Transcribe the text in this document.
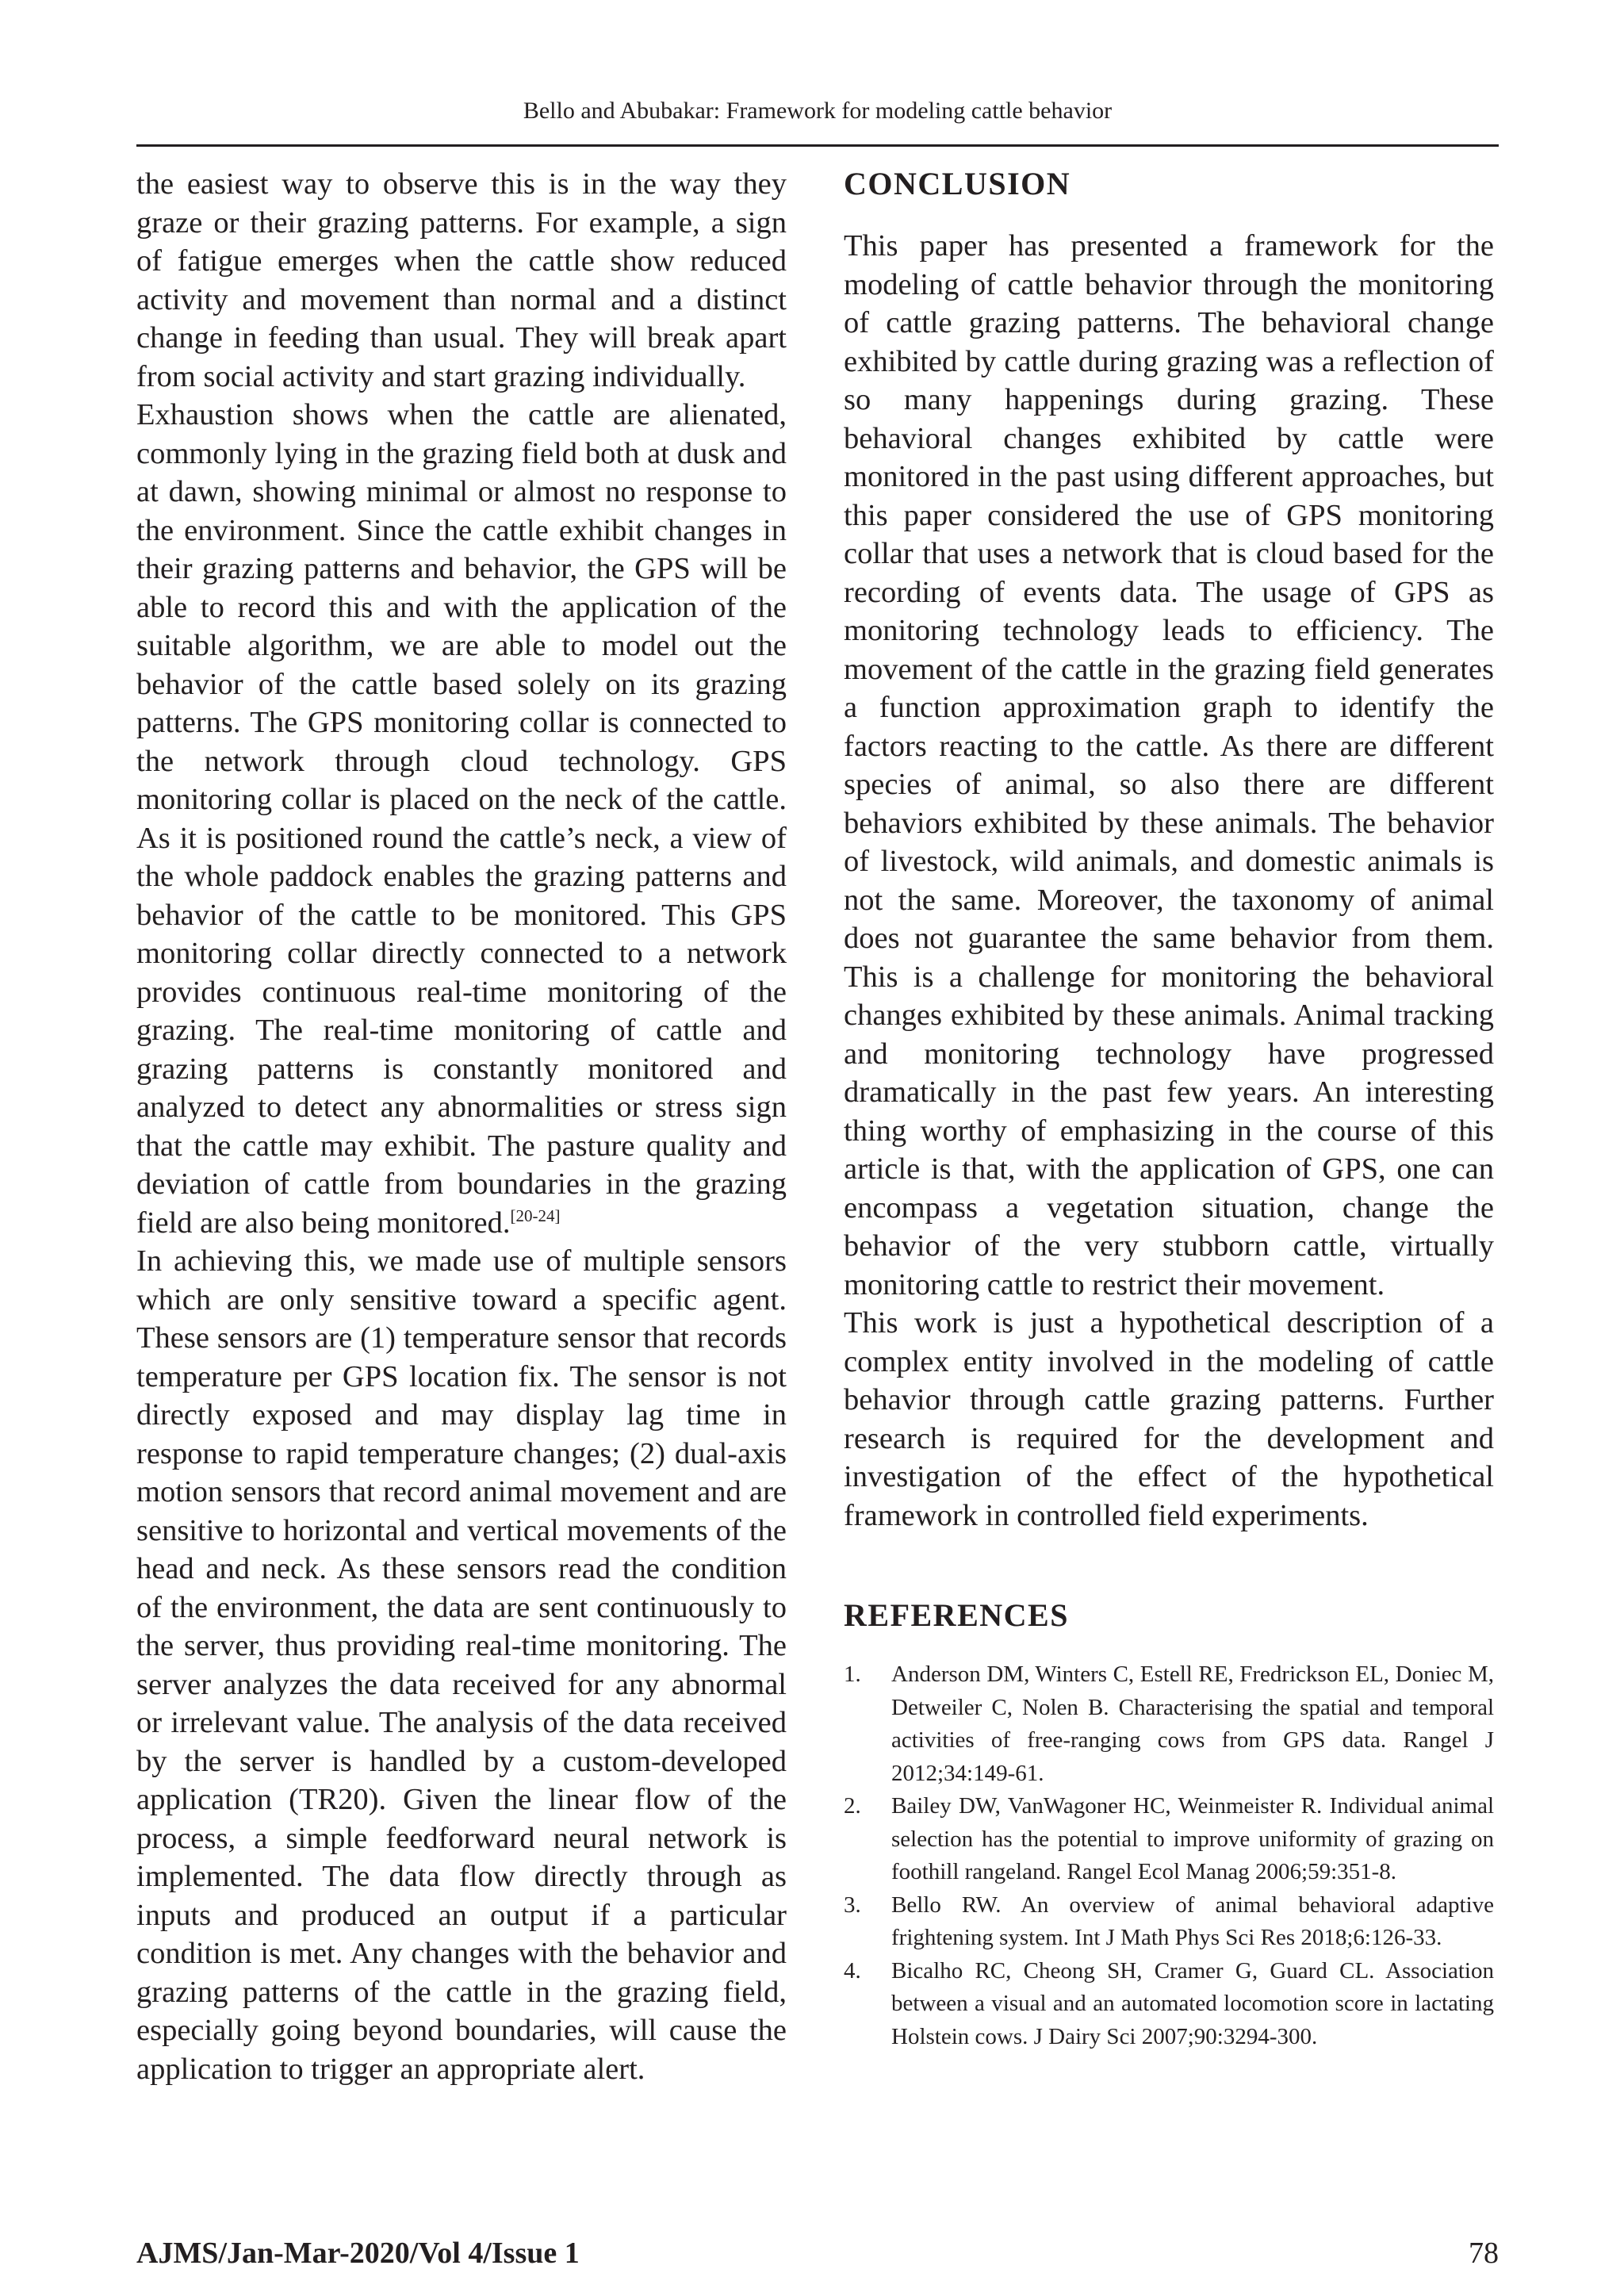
Bello and Abubakar: Framework for modeling cattle behavior

the easiest way to observe this is in the way they graze or their grazing patterns. For example, a sign of fatigue emerges when the cattle show reduced activity and movement than normal and a distinct change in feeding than usual. They will break apart from social activity and start grazing individually.

Exhaustion shows when the cattle are alienated, commonly lying in the grazing field both at dusk and at dawn, showing minimal or almost no response to the environment. Since the cattle exhibit changes in their grazing patterns and behavior, the GPS will be able to record this and with the application of the suitable algorithm, we are able to model out the behavior of the cattle based solely on its grazing patterns. The GPS monitoring collar is connected to the network through cloud technology. GPS monitoring collar is placed on the neck of the cattle. As it is positioned round the cattle’s neck, a view of the whole paddock enables the grazing patterns and behavior of the cattle to be monitored. This GPS monitoring collar directly connected to a network provides continuous real-time monitoring of the grazing. The real-time monitoring of cattle and grazing patterns is constantly monitored and analyzed to detect any abnormalities or stress sign that the cattle may exhibit. The pasture quality and deviation of cattle from boundaries in the grazing field are also being monitored.[20-24]

In achieving this, we made use of multiple sensors which are only sensitive toward a specific agent. These sensors are (1) temperature sensor that records temperature per GPS location fix. The sensor is not directly exposed and may display lag time in response to rapid temperature changes; (2) dual-axis motion sensors that record animal movement and are sensitive to horizontal and vertical movements of the head and neck. As these sensors read the condition of the environment, the data are sent continuously to the server, thus providing real-time monitoring. The server analyzes the data received for any abnormal or irrelevant value. The analysis of the data received by the server is handled by a custom-developed application (TR20). Given the linear flow of the process, a simple feedforward neural network is implemented. The data flow directly through as inputs and produced an output if a particular condition is met. Any changes with the behavior and grazing patterns of the cattle in the grazing field, especially going beyond boundaries, will cause the application to trigger an appropriate alert.

CONCLUSION

This paper has presented a framework for the modeling of cattle behavior through the monitoring of cattle grazing patterns. The behavioral change exhibited by cattle during grazing was a reflection of so many happenings during grazing. These behavioral changes exhibited by cattle were monitored in the past using different approaches, but this paper considered the use of GPS monitoring collar that uses a network that is cloud based for the recording of events data. The usage of GPS as monitoring technology leads to efficiency. The movement of the cattle in the grazing field generates a function approximation graph to identify the factors reacting to the cattle. As there are different species of animal, so also there are different behaviors exhibited by these animals. The behavior of livestock, wild animals, and domestic animals is not the same. Moreover, the taxonomy of animal does not guarantee the same behavior from them. This is a challenge for monitoring the behavioral changes exhibited by these animals. Animal tracking and monitoring technology have progressed dramatically in the past few years. An interesting thing worthy of emphasizing in the course of this article is that, with the application of GPS, one can encompass a vegetation situation, change the behavior of the very stubborn cattle, virtually monitoring cattle to restrict their movement.

This work is just a hypothetical description of a complex entity involved in the modeling of cattle behavior through cattle grazing patterns. Further research is required for the development and investigation of the effect of the hypothetical framework in controlled field experiments.

REFERENCES
1.	Anderson DM, Winters C, Estell RE, Fredrickson EL, Doniec M, Detweiler C, Nolen B. Characterising the spatial and temporal activities of free-ranging cows from GPS data. Rangel J 2012;34:149-61.
2.	Bailey DW, VanWagoner HC, Weinmeister R. Individual animal selection has the potential to improve uniformity of grazing on foothill rangeland. Rangel Ecol Manag 2006;59:351-8.
3.	Bello RW. An overview of animal behavioral adaptive frightening system. Int J Math Phys Sci Res 2018;6:126-33.
4.	Bicalho RC, Cheong SH, Cramer G, Guard CL. Association between a visual and an automated locomotion score in lactating Holstein cows. J Dairy Sci 2007;90:3294-300.
AJMS/Jan-Mar-2020/Vol 4/Issue 1	78
